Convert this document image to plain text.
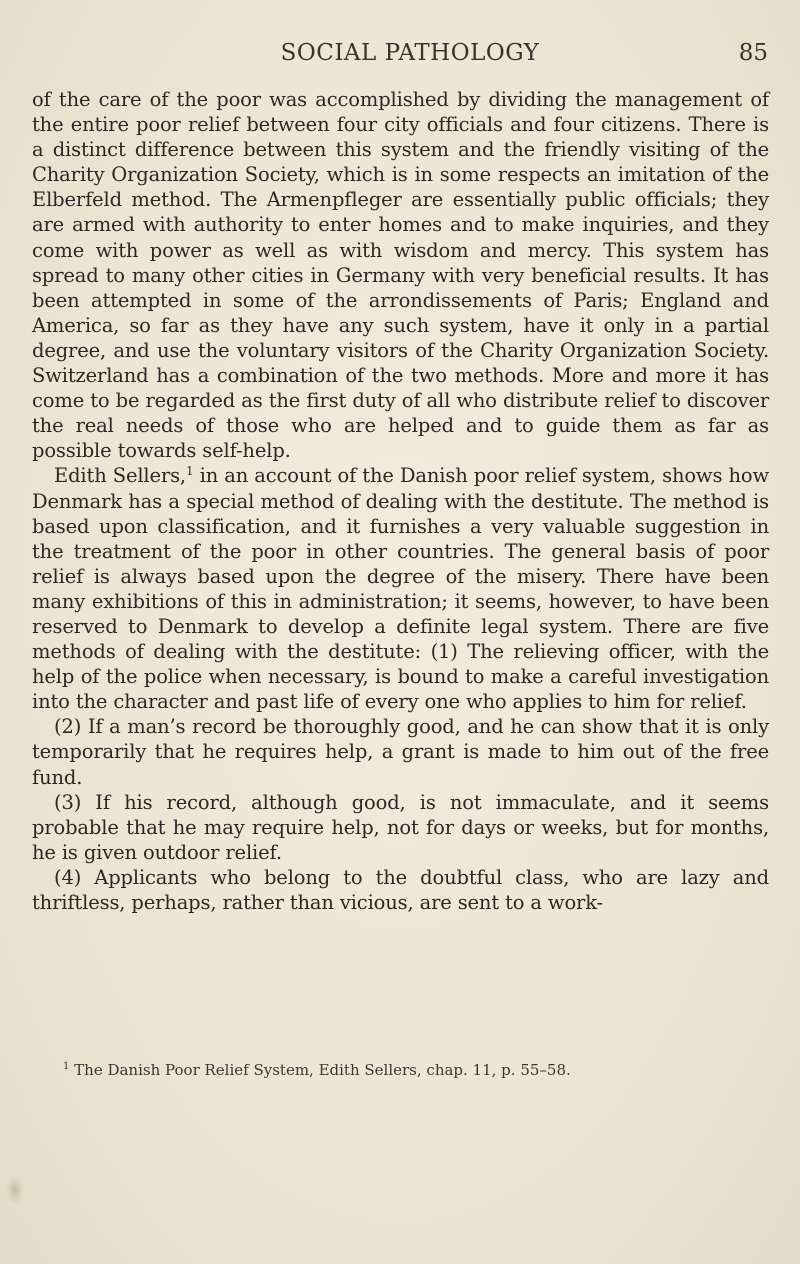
SOCIAL PATHOLOGY	85

of the care of the poor was accomplished by dividing the management of the entire poor relief between four city officials and four citizens. There is a distinct difference between this system and the friendly visiting of the Charity Organization Society, which is in some respects an imitation of the Elberfeld method. The Armenpfleger are essentially public officials; they are armed with authority to enter homes and to make inquiries, and they come with power as well as with wisdom and mercy. This system has spread to many other cities in Germany with very beneficial results. It has been attempted in some of the arrondissements of Paris; England and America, so far as they have any such system, have it only in a partial degree, and use the voluntary visitors of the Charity Organization Society. Switzerland has a combination of the two methods. More and more it has come to be regarded as the first duty of all who distribute relief to discover the real needs of those who are helped and to guide them as far as possible towards self-help.

Edith Sellers,$^1$ in an account of the Danish poor relief system, shows how Denmark has a special method of dealing with the destitute. The method is based upon classification, and it furnishes a very valuable suggestion in the treatment of the poor in other countries. The general basis of poor relief is always based upon the degree of the misery. There have been many exhibitions of this in administration; it seems, however, to have been reserved to Denmark to develop a definite legal system. There are five methods of dealing with the destitute: (1) The relieving officer, with the help of the police when necessary, is bound to make a careful investigation into the character and past life of every one who applies to him for relief.

(2) If a man’s record be thoroughly good, and he can show that it is only temporarily that he requires help, a grant is made to him out of the free fund.

(3) If his record, although good, is not immaculate, and it seems probable that he may require help, not for days or weeks, but for months, he is given outdoor relief.

(4) Applicants who belong to the doubtful class, who are lazy and thriftless, perhaps, rather than vicious, are sent to a work-

$^1$ The Danish Poor Relief System, Edith Sellers, chap. 11, p. 55–58.
